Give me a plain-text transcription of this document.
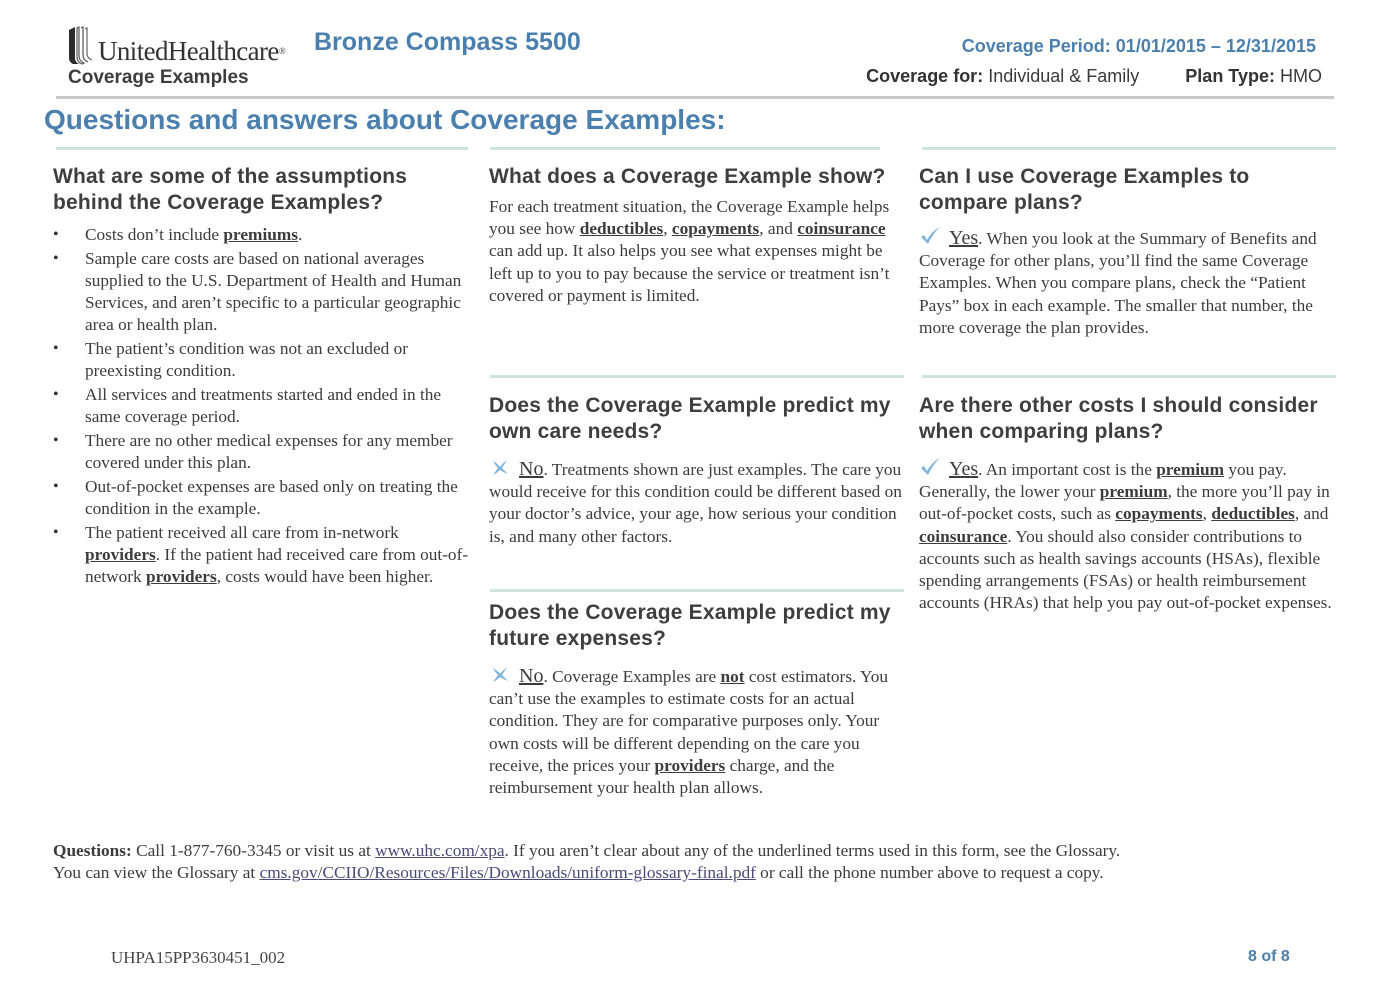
UnitedHealthcare® Bronze Compass 5500
Coverage Examples
Coverage Period: 01/01/2015 – 12/31/2015
Coverage for: Individual & Family	Plan Type: HMO
Questions and answers about Coverage Examples:
What are some of the assumptions behind the Coverage Examples?
• Costs don’t include premiums.
• Sample care costs are based on national averages supplied to the U.S. Department of Health and Human Services, and aren’t specific to a particular geographic area or health plan.
• The patient’s condition was not an excluded or preexisting condition.
• All services and treatments started and ended in the same coverage period.
• There are no other medical expenses for any member covered under this plan.
• Out-of-pocket expenses are based only on treating the condition in the example.
• The patient received all care from in-network providers. If the patient had received care from out-of-network providers, costs would have been higher.
What does a Coverage Example show?
For each treatment situation, the Coverage Example helps you see how deductibles, copayments, and coinsurance can add up. It also helps you see what expenses might be left up to you to pay because the service or treatment isn’t covered or payment is limited.
Does the Coverage Example predict my own care needs?
No. Treatments shown are just examples. The care you would receive for this condition could be different based on your doctor’s advice, your age, how serious your condition is, and many other factors.
Does the Coverage Example predict my future expenses?
No. Coverage Examples are not cost estimators. You can’t use the examples to estimate costs for an actual condition. They are for comparative purposes only. Your own costs will be different depending on the care you receive, the prices your providers charge, and the reimbursement your health plan allows.
Can I use Coverage Examples to compare plans?
Yes. When you look at the Summary of Benefits and Coverage for other plans, you’ll find the same Coverage Examples. When you compare plans, check the “Patient Pays” box in each example. The smaller that number, the more coverage the plan provides.
Are there other costs I should consider when comparing plans?
Yes. An important cost is the premium you pay. Generally, the lower your premium, the more you’ll pay in out-of-pocket costs, such as copayments, deductibles, and coinsurance. You should also consider contributions to accounts such as health savings accounts (HSAs), flexible spending arrangements (FSAs) or health reimbursement accounts (HRAs) that help you pay out-of-pocket expenses.
Questions: Call 1-877-760-3345 or visit us at www.uhc.com/xpa. If you aren’t clear about any of the underlined terms used in this form, see the Glossary.
You can view the Glossary at cms.gov/CCIIO/Resources/Files/Downloads/uniform-glossary-final.pdf or call the phone number above to request a copy.
UHPA15PP3630451_002	8 of 8
